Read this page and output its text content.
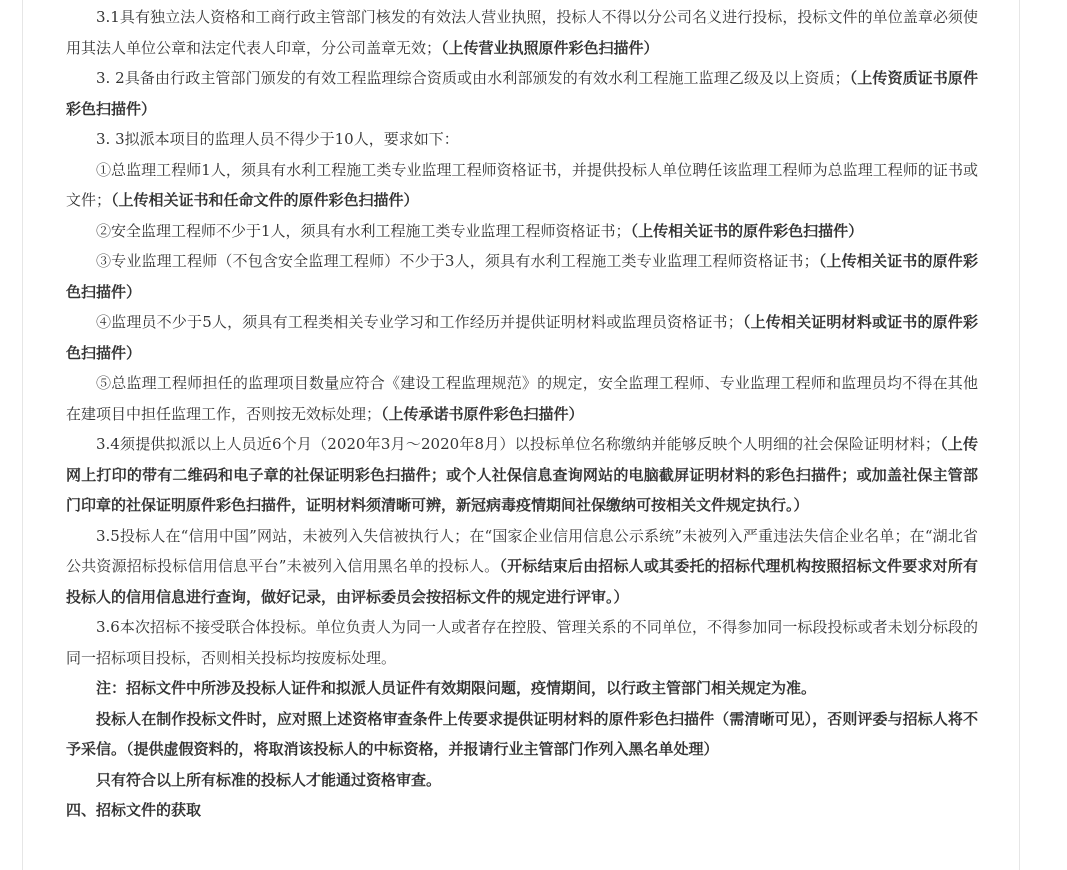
3.1具有独立法人资格和工商行政主管部门核发的有效法人营业执照，投标人不得以分公司名义进行投标，投标文件的单位盖章必须使用其法人单位公章和法定代表人印章，分公司盖章无效；（上传营业执照原件彩色扫描件）

3. 2具备由行政主管部门颁发的有效工程监理综合资质或由水利部颁发的有效水利工程施工监理乙级及以上资质；（上传资质证书原件彩色扫描件）

3. 3拟派本项目的监理人员不得少于10人，要求如下：

①总监理工程师1人，须具有水利工程施工类专业监理工程师资格证书，并提供投标人单位聘任该监理工程师为总监理工程师的证书或文件；（上传相关证书和任命文件的原件彩色扫描件）

②安全监理工程师不少于1人，须具有水利工程施工类专业监理工程师资格证书；（上传相关证书的原件彩色扫描件）

③专业监理工程师（不包含安全监理工程师）不少于3人，须具有水利工程施工类专业监理工程师资格证书；（上传相关证书的原件彩色扫描件）

④监理员不少于5人，须具有工程类相关专业学习和工作经历并提供证明材料或监理员资格证书；（上传相关证明材料或证书的原件彩色扫描件）

⑤总监理工程师担任的监理项目数量应符合《建设工程监理规范》的规定，安全监理工程师、专业监理工程师和监理员均不得在其他在建项目中担任监理工作，否则按无效标处理；（上传承诺书原件彩色扫描件）

3.4须提供拟派以上人员近6个月（2020年3月～2020年8月）以投标单位名称缴纳并能够反映个人明细的社会保险证明材料；（上传网上打印的带有二维码和电子章的社保证明彩色扫描件；或个人社保信息查询网站的电脑截屏证明材料的彩色扫描件；或加盖社保主管部门印章的社保证明原件彩色扫描件，证明材料须清晰可辨，新冠病毒疫情期间社保缴纳可按相关文件规定执行。）

3.5投标人在“信用中国”网站，未被列入失信被执行人；在“国家企业信用信息公示系统”未被列入严重违法失信企业名单；在“湖北省公共资源招标投标信用信息平台”未被列入信用黑名单的投标人。（开标结束后由招标人或其委托的招标代理机构按照招标文件要求对所有投标人的信用信息进行查询，做好记录，由评标委员会按招标文件的规定进行评审。）

3.6本次招标不接受联合体投标。单位负责人为同一人或者存在控股、管理关系的不同单位，不得参加同一标段投标或者未划分标段的同一招标项目投标，否则相关投标均按废标处理。

注：招标文件中所涉及投标人证件和拟派人员证件有效期限问题，疫情期间，以行政主管部门相关规定为准。

投标人在制作投标文件时，应对照上述资格审查条件上传要求提供证明材料的原件彩色扫描件（需清晰可见），否则评委与招标人将不予采信。（提供虚假资料的，将取消该投标人的中标资格，并报请行业主管部门作列入黑名单处理）

只有符合以上所有标准的投标人才能通过资格审查。

四、招标文件的获取
